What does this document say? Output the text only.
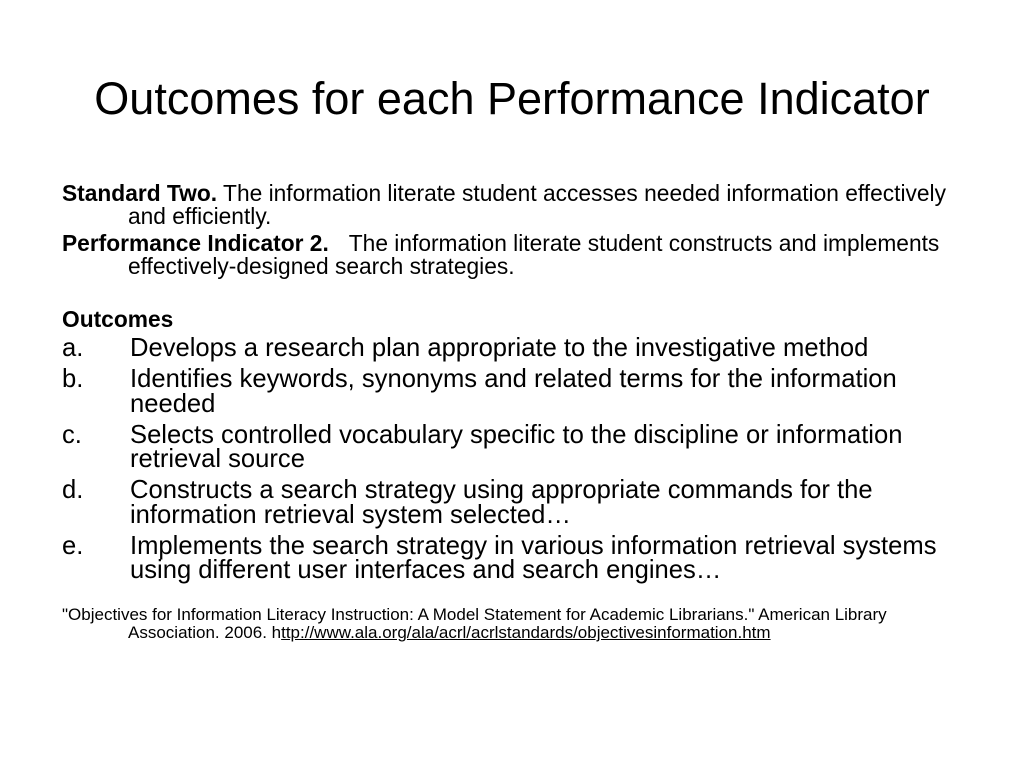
Outcomes for each Performance Indicator
Standard Two. The information literate student accesses needed information effectively
and efficiently.
Performance Indicator 2. The information literate student constructs and implements
effectively-designed search strategies.
Outcomes
a.	Develops a research plan appropriate to the investigative method
b.	Identifies keywords, synonyms and related terms for the information
needed
c.	Selects controlled vocabulary specific to the discipline or information
retrieval source
d.	Constructs a search strategy using appropriate commands for the
information retrieval system selected…
e.	Implements the search strategy in various information retrieval systems
using different user interfaces and search engines…
"Objectives for Information Literacy Instruction: A Model Statement for Academic Librarians." American Library
Association. 2006. http://www.ala.org/ala/acrl/acrlstandards/objectivesinformation.htm
